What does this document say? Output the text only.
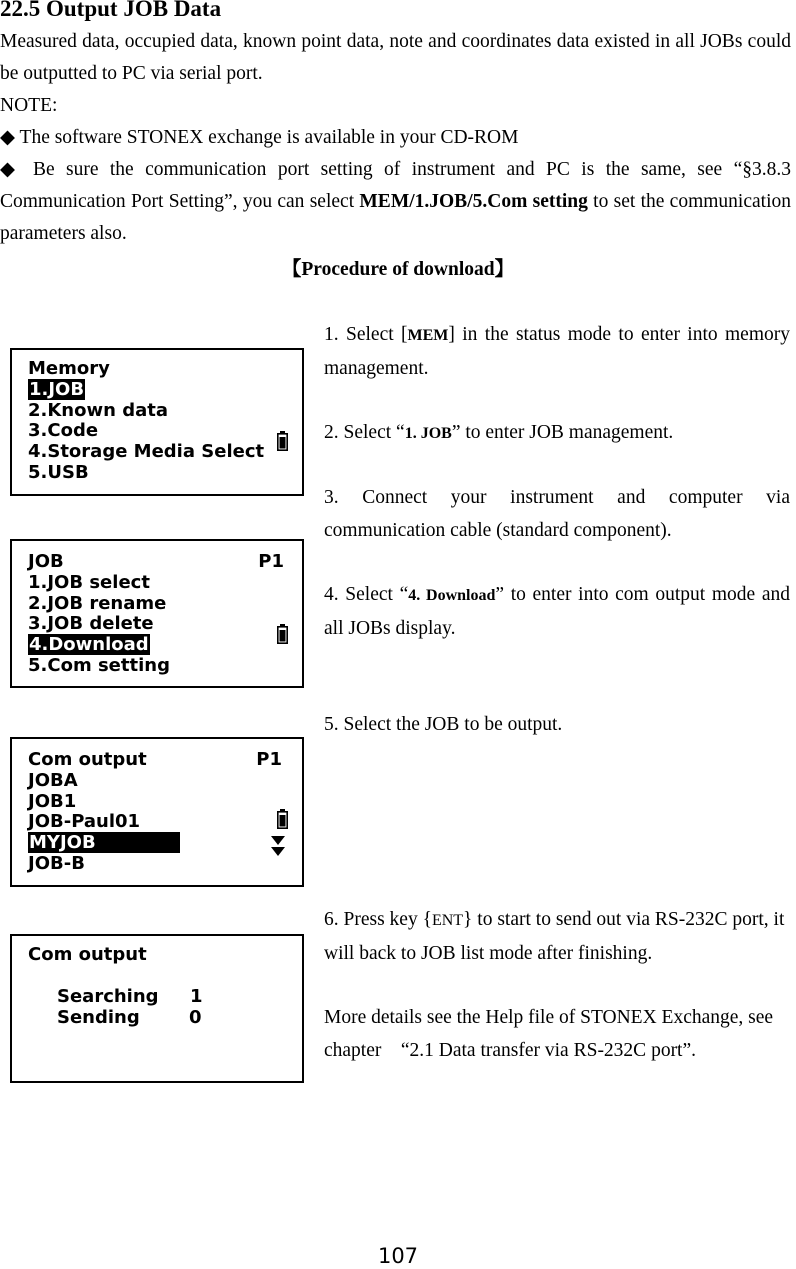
22.5 Output JOB Data
Measured data, occupied data, known point data, note and coordinates data existed in all JOBs could be outputted to PC via serial port.
NOTE:
◆ The software STONEX exchange is available in your CD-ROM
◆ Be sure the communication port setting of instrument and PC is the same, see “§3.8.3 Communication Port Setting”, you can select MEM/1.JOB/5.Com setting to set the communication parameters also.
【Procedure of download】
1. Select [MEM] in the status mode to enter into memory management.
2. Select “1. JOB” to enter JOB management.
3. Connect your instrument and computer via communication cable (standard component).
4. Select “4. Download” to enter into com output mode and all JOBs display.
5. Select the JOB to be output.
6. Press key {ENT} to start to send out via RS-232C port, it will back to JOB list mode after finishing.
More details see the Help file of STONEX Exchange, see chapter　“2.1 Data transfer via RS-232C port”.
Memory
1.JOB
2.Known data
3.Code
4.Storage Media Select
5.USB
JOB	P1
1.JOB select
2.JOB rename
3.JOB delete
4.Download
5.Com setting
Com output	P1
JOBA
JOB1
JOB-Paul01
MYJOB
JOB-B
Com output
Searching 1
Sending	0
107
